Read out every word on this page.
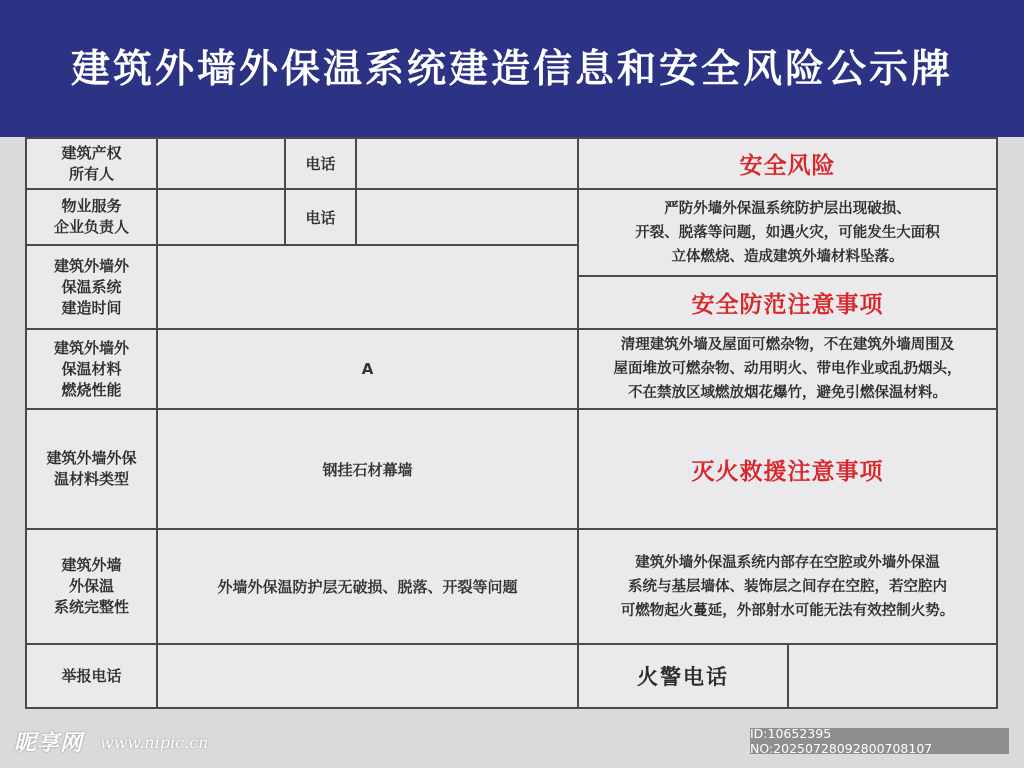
建筑外墙外保温系统建造信息和安全风险公示牌
建筑产权
所有人
电话
物业服务
企业负责人
电话
建筑外墙外
保温系统
建造时间
建筑外墙外
保温材料
燃烧性能
A
建筑外墙外保
温材料类型
钢挂石材幕墙
建筑外墙
外保温
系统完整性
外墙外保温防护层无破损、脱落、开裂等问题
举报电话
安全风险
严防外墙外保温系统防护层出现破损、
开裂、脱落等问题，如遇火灾，可能发生大面积
立体燃烧、造成建筑外墙材料坠落。
安全防范注意事项
清理建筑外墙及屋面可燃杂物，不在建筑外墙周围及
屋面堆放可燃杂物、动用明火、带电作业或乱扔烟头，
不在禁放区域燃放烟花爆竹，避免引燃保温材料。
灭火救援注意事项
建筑外墙外保温系统内部存在空腔或外墙外保温
系统与基层墙体、装饰层之间存在空腔，若空腔内
可燃物起火蔓延，外部射水可能无法有效控制火势。
火警电话
昵享网 www.nipic.cn	ID:10652395 NO:20250728092800708107
